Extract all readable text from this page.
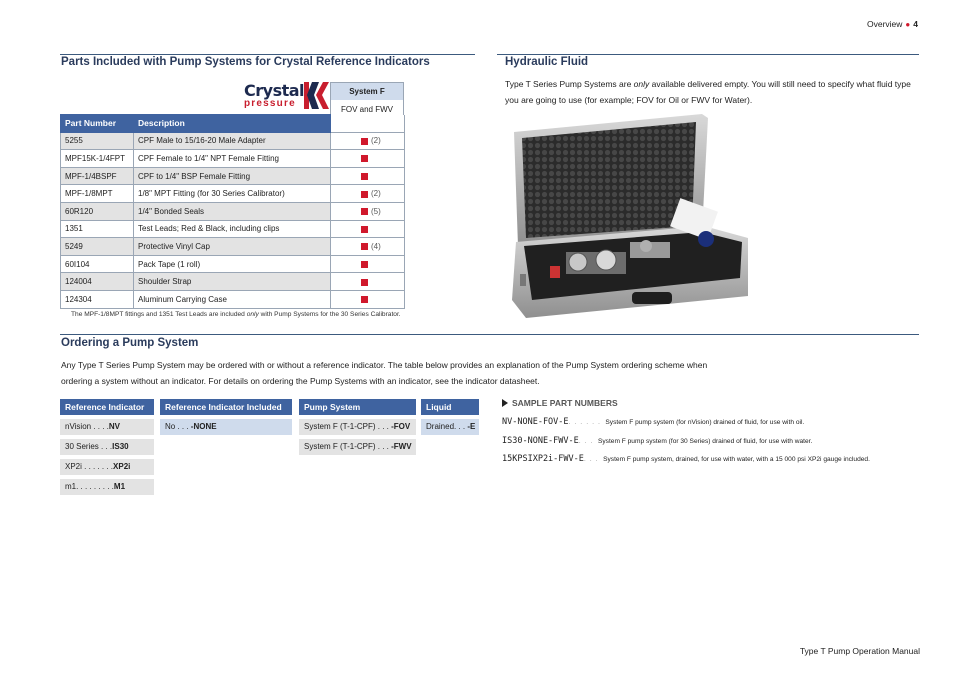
Overview ● 4
Type T Pump Operation Manual
Parts Included with Pump Systems for Crystal Reference Indicators
Crystal
pressure
System F
FOV and FWV
Part Number	Description	
5255	CPF Male to 15/16-20 Male Adapter	(2)
MPF15K-1/4FPT	CPF Female to 1/4" NPT Female Fitting	
MPF-1/4BSPF	CPF to 1/4" BSP Female Fitting	
MPF-1/8MPT	1/8" MPT Fitting (for 30 Series Calibrator)	(2)
60R120	1/4" Bonded Seals	(5)
1351	Test Leads; Red & Black, including clips	
5249	Protective Vinyl Cap	(4)
60I104	Pack Tape (1 roll)	
124004	Shoulder Strap	
124304	Aluminum Carrying Case	
The MPF-1/8MPT fittings and 1351 Test Leads are included only with Pump Systems for the 30 Series Calibrator.
Hydraulic Fluid
Type T Series Pump Systems are only available delivered empty. You will still need to specify what fluid type you are going to use (for example; FOV for Oil or FWV for Water).
Ordering a Pump System
Any Type T Series Pump System may be ordered with or without a reference indicator. The table below provides an explanation of the Pump System ordering scheme when ordering a system without an indicator. For details on ordering the Pump Systems with an indicator, see the indicator datasheet.
Reference Indicator
nVision . . . .NV
30 Series . . .IS30
XP2i . . . . . . .XP2i
m1. . . . . . . . .M1
Reference Indicator Included
No . . . -NONE
Pump System
System F (T-1-CPF) . . . -FOV
System F (T-1-CPF) . . . -FWV
Liquid
Drained. . . -E
SAMPLE PART NUMBERS
NV-NONE-FOV-E. . . . . . System F pump system (for nVision) drained of fluid, for use with oil.
IS30-NONE-FWV-E. . . System F pump system (for 30 Series) drained of fluid, for use with water.
15KPSIXP2i-FWV-E. . . System F pump system, drained, for use with water, with a 15 000 psi XP2i gauge included.
